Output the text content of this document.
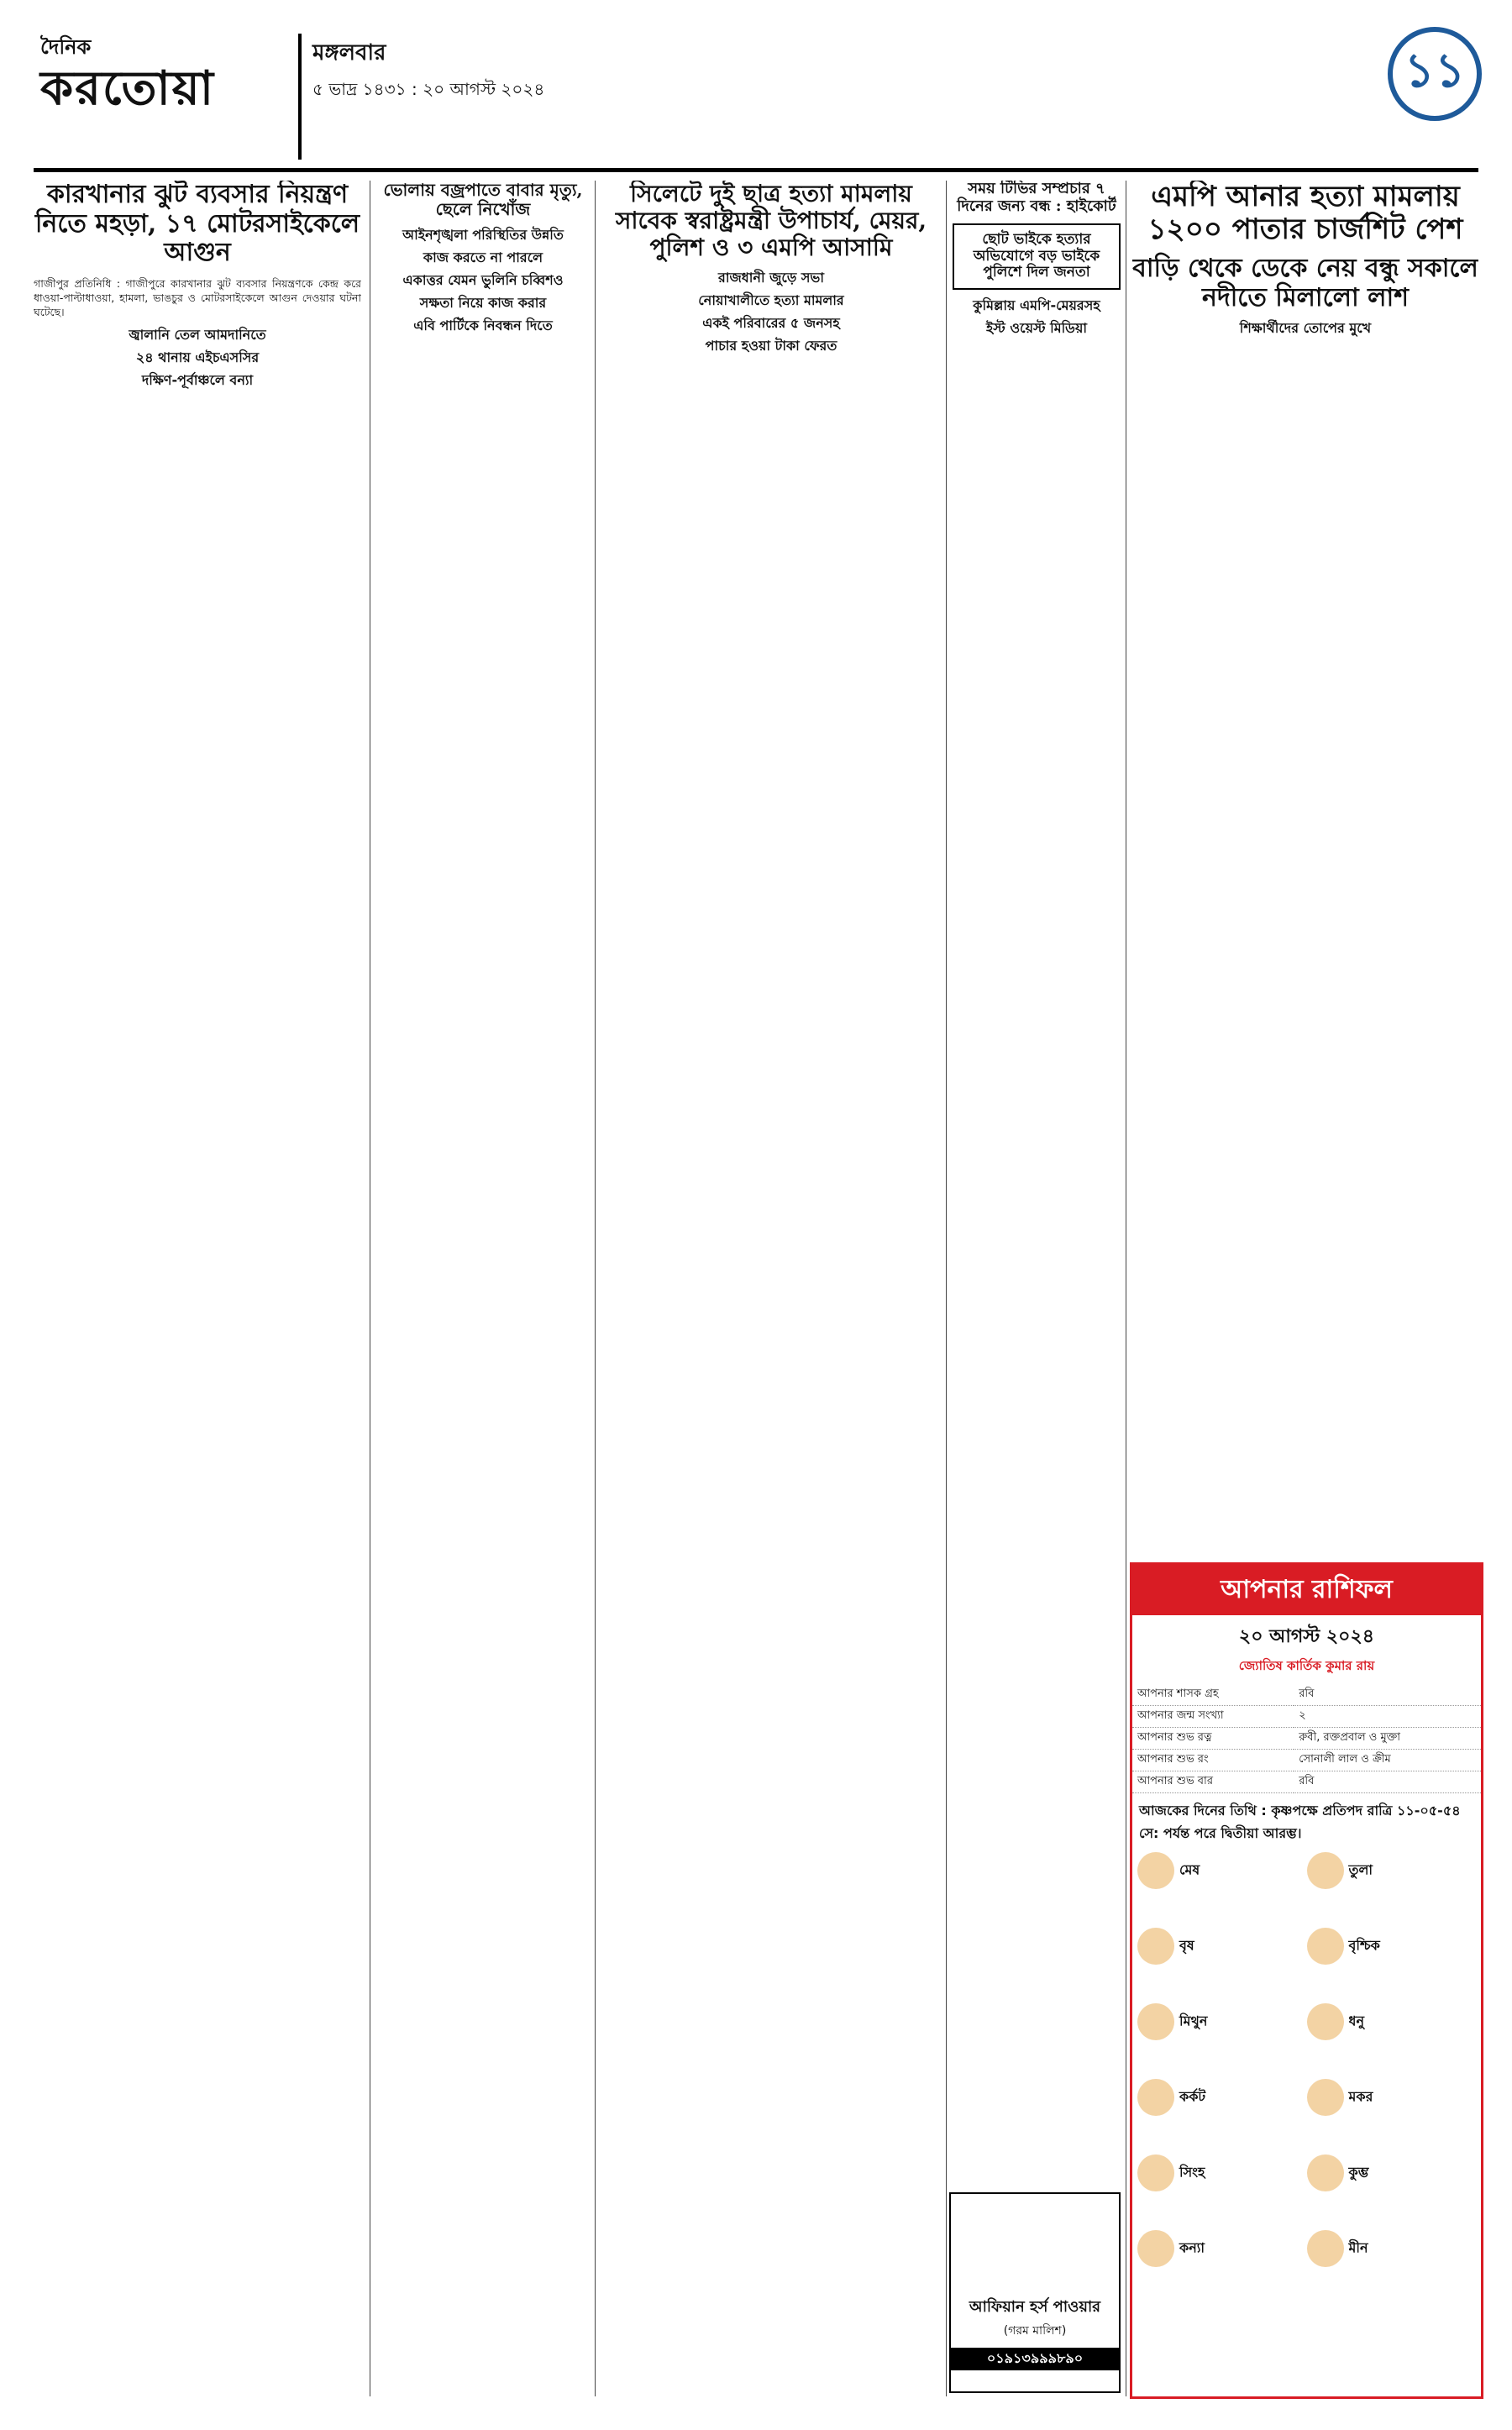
দৈনিক
করতোয়া
মঙ্গলবার
৫ ভাদ্র ১৪৩১ : ২০ আগস্ট ২০২৪	১১
কারখানার ঝুট ব্যবসার নিয়ন্ত্রণ নিতে মহড়া, ১৭ মোটরসাইকেলে আগুন

গাজীপুর প্রতিনিধি : গাজীপুরে কারখানার ঝুট ব্যবসার নিয়ন্ত্রণকে কেন্দ্র করে ধাওয়া-পাল্টাধাওয়া, হামলা, ভাঙচুর ও মোটরসাইকেলে আগুন দেওয়ার ঘটনা ঘটেছে।

জ্বালানি তেল আমদানিতে
২৪ থানায় এইচএসসির
দক্ষিণ-পূর্বাঞ্চলে বন্যা
ভোলায় বজ্রপাতে বাবার মৃত্যু, ছেলে নিখোঁজ
আইনশৃঙ্খলা পরিস্থিতির উন্নতি
কাজ করতে না পারলে
একাত্তর যেমন ভুলিনি চব্বিশও
সক্ষতা নিয়ে কাজ করার
এবি পার্টিকে নিবন্ধন দিতে
সিলেটে দুই ছাত্র হত্যা মামলায় সাবেক স্বরাষ্ট্রমন্ত্রী উপাচার্য, মেয়র, পুলিশ ও ৩ এমপি আসামি
রাজধানী জুড়ে সভা
নোয়াখালীতে হত্যা মামলার
একই পরিবারের ৫ জনসহ
পাচার হওয়া টাকা ফেরত
সময় টিভির সম্প্রচার ৭ দিনের জন্য বন্ধ : হাইকোর্ট
ছোট ভাইকে হত্যার অভিযোগে বড় ভাইকে পুলিশে দিল জনতা
কুমিল্লায় এমপি-মেয়রসহ
ইস্ট ওয়েস্ট মিডিয়া
এমপি আনার হত্যা মামলায় ১২০০ পাতার চার্জশিট পেশ
বাড়ি থেকে ডেকে নেয় বন্ধু সকালে নদীতে মিলালো লাশ
শিক্ষার্থীদের তোপের মুখে
আপনার রাশিফল
২০ আগস্ট ২০২৪
জ্যোতিষ কার্তিক কুমার রায়
আপনার শাসক গ্রহ	রবি
আপনার জন্ম সংখ্যা	২
আপনার শুভ রত্ন	রুবী, রক্তপ্রবাল ও মুক্তা
আপনার শুভ রং	সোনালী লাল ও ক্রীম
আপনার শুভ বার	রবি
আজকের দিনের তিথি : কৃষ্ণপক্ষে প্রতিপদ রাত্রি ১১-০৫-৫৪ সে: পর্যন্ত পরে দ্বিতীয়া আরম্ভ।
মেষ	তুলা
বৃষ	বৃশ্চিক
মিথুন	ধনু
কর্কট	মকর
সিংহ	কুম্ভ
কন্যা	মীন
আফিয়ান হর্স পাওয়ার
(গরম মালিশ)
০১৯১৩৯৯৯৮৯০
